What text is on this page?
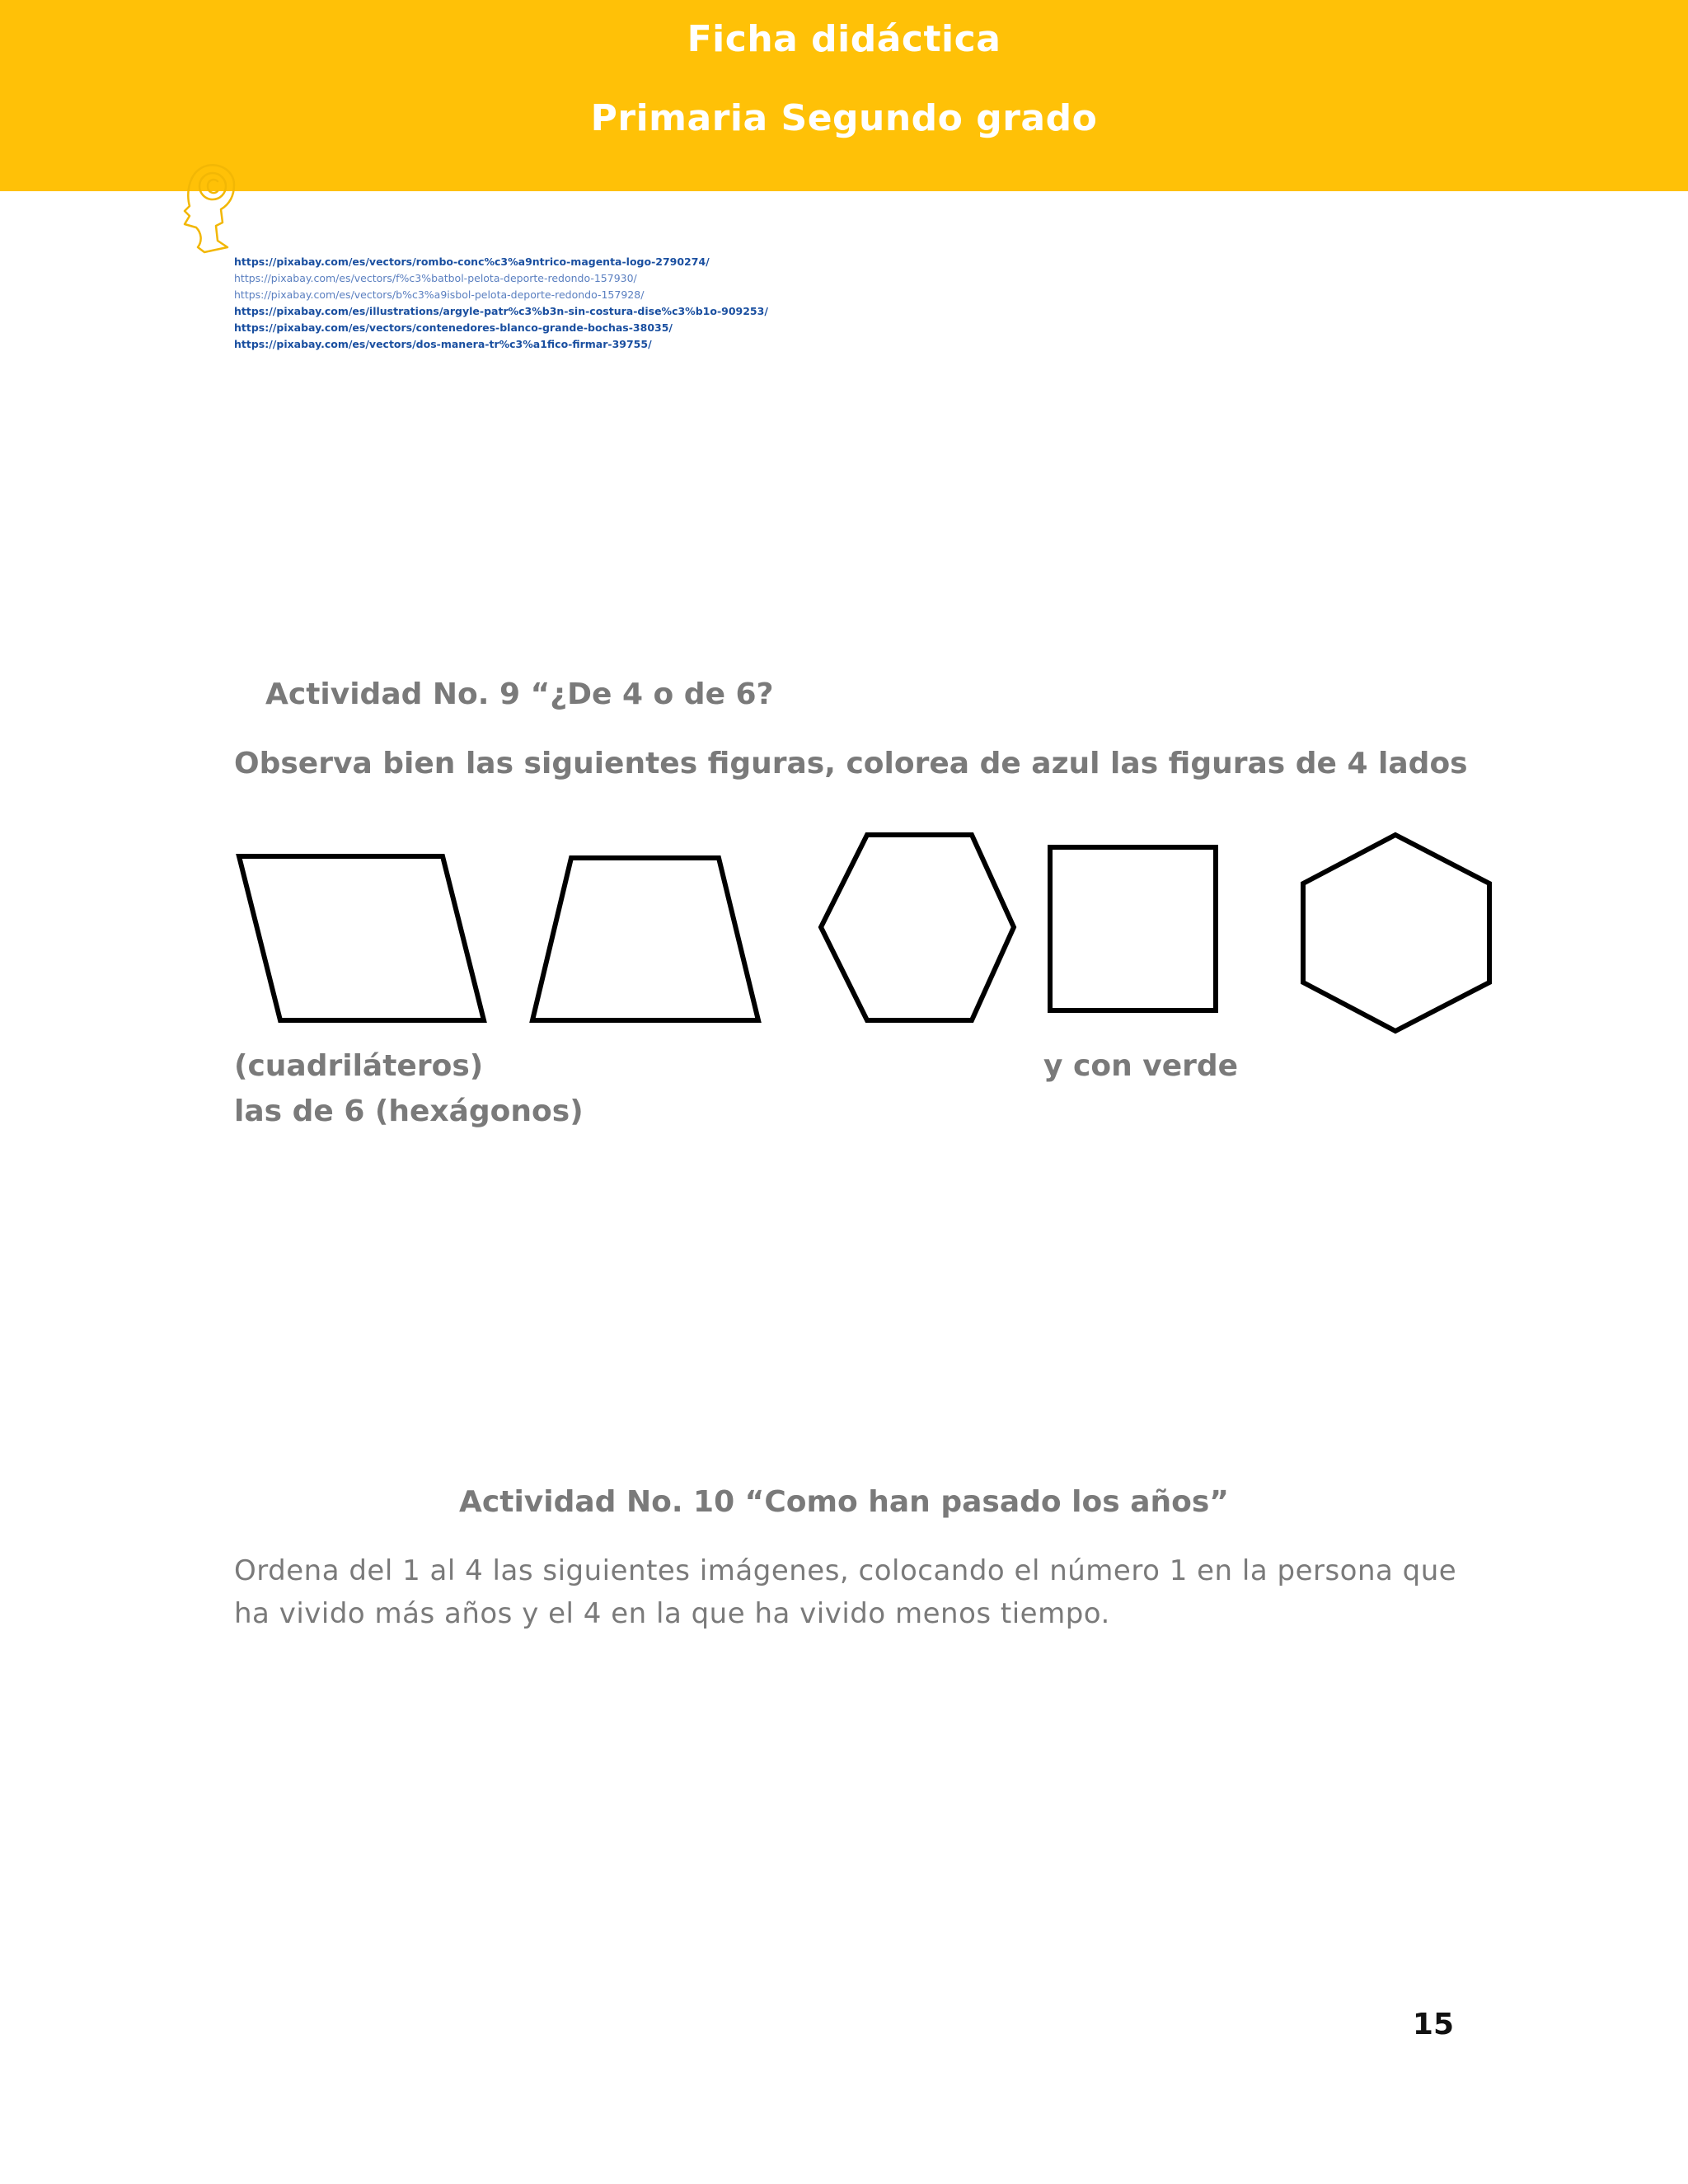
Ficha didáctica
Primaria Segundo grado
https://pixabay.com/es/vectors/rombo-conc%c3%a9ntrico-magenta-logo-2790274/
https://pixabay.com/es/vectors/f%c3%batbol-pelota-deporte-redondo-157930/
https://pixabay.com/es/vectors/b%c3%a9isbol-pelota-deporte-redondo-157928/
https://pixabay.com/es/illustrations/argyle-patr%c3%b3n-sin-costura-dise%c3%b1o-909253/
https://pixabay.com/es/vectors/contenedores-blanco-grande-bochas-38035/
https://pixabay.com/es/vectors/dos-manera-tr%c3%a1fico-firmar-39755/
Actividad No. 9 “¿De 4 o de 6?
Observa bien las siguientes figuras, colorea de azul las figuras de 4 lados
(cuadriláteros)	y con verde
las de 6 (hexágonos)
Actividad No. 10 “Como han pasado los años”
Ordena del 1 al 4 las siguientes imágenes, colocando el número 1 en la persona que ha vivido más años y el 4 en la que ha vivido menos tiempo.
15
